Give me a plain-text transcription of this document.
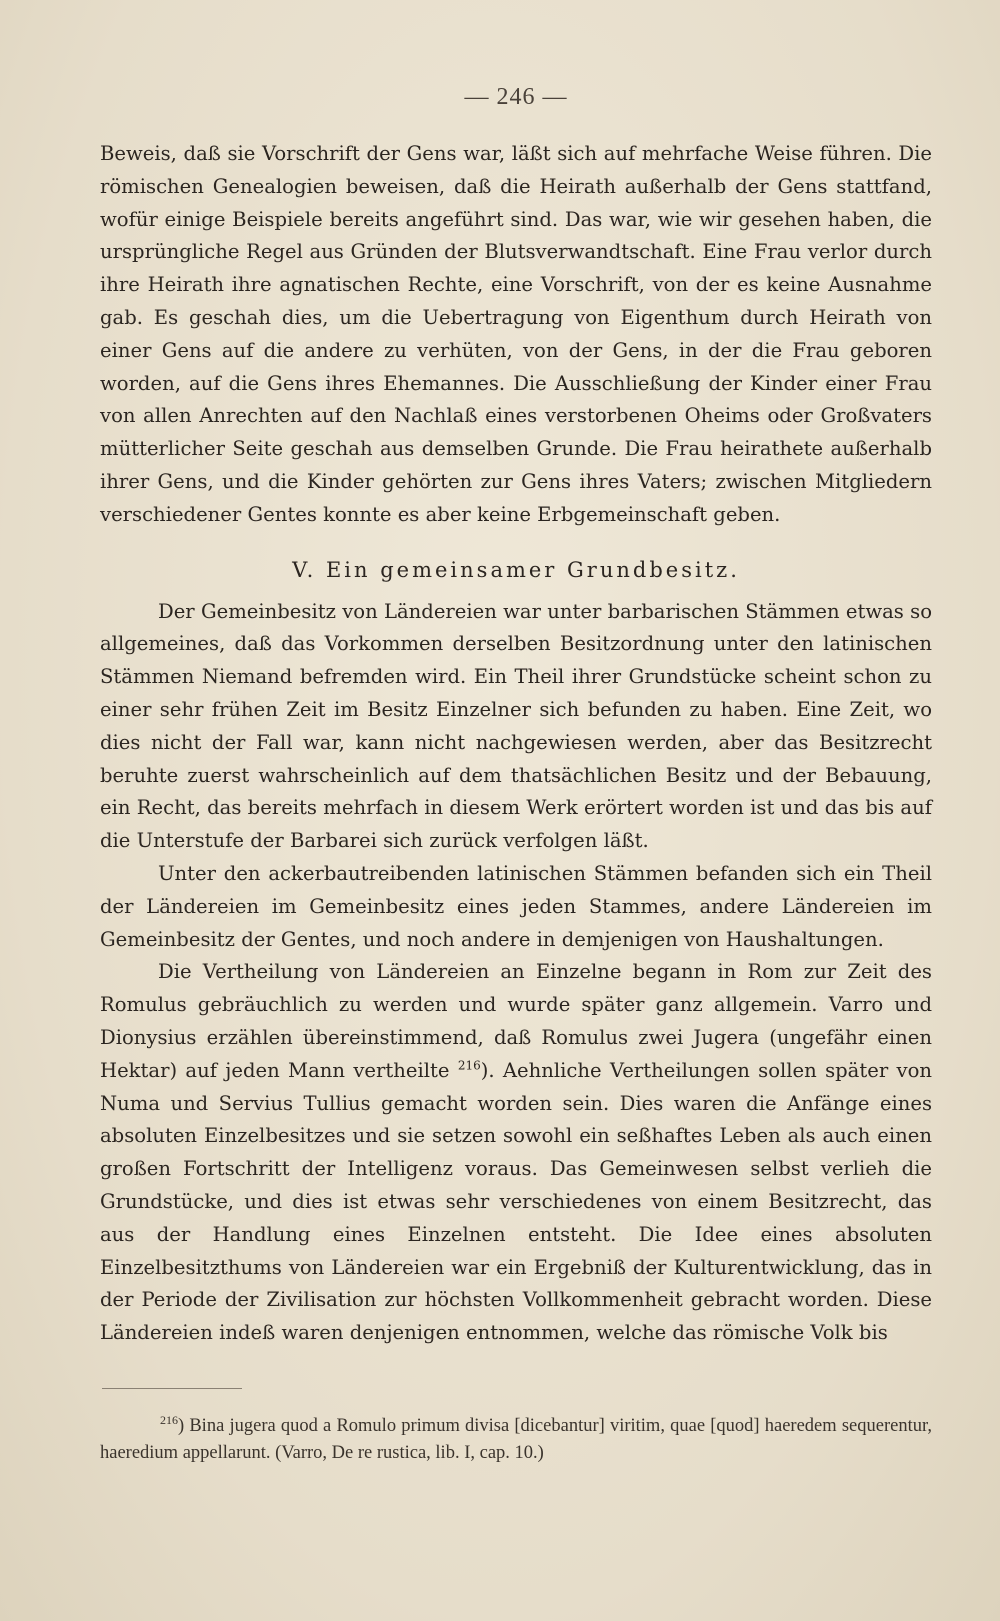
— 246 —

Beweis, daß sie Vorschrift der Gens war, läßt sich auf mehrfache Weise führen. Die römischen Genealogien beweisen, daß die Heirath außerhalb der Gens stattfand, wofür einige Beispiele bereits angeführt sind. Das war, wie wir gesehen haben, die ursprüngliche Regel aus Gründen der Blutsverwandtschaft. Eine Frau verlor durch ihre Heirath ihre agnatischen Rechte, eine Vorschrift, von der es keine Ausnahme gab. Es geschah dies, um die Uebertragung von Eigenthum durch Heirath von einer Gens auf die andere zu verhüten, von der Gens, in der die Frau geboren worden, auf die Gens ihres Ehemannes. Die Ausschließung der Kinder einer Frau von allen Anrechten auf den Nachlaß eines verstorbenen Oheims oder Großvaters mütterlicher Seite geschah aus demselben Grunde. Die Frau heirathete außerhalb ihrer Gens, und die Kinder gehörten zur Gens ihres Vaters; zwischen Mitgliedern verschiedener Gentes konnte es aber keine Erbgemeinschaft geben.

V. Ein gemeinsamer Grundbesitz.

Der Gemeinbesitz von Ländereien war unter barbarischen Stämmen etwas so allgemeines, daß das Vorkommen derselben Besitzordnung unter den latinischen Stämmen Niemand befremden wird. Ein Theil ihrer Grundstücke scheint schon zu einer sehr frühen Zeit im Besitz Einzelner sich befunden zu haben. Eine Zeit, wo dies nicht der Fall war, kann nicht nachgewiesen werden, aber das Besitzrecht beruhte zuerst wahrscheinlich auf dem thatsächlichen Besitz und der Bebauung, ein Recht, das bereits mehrfach in diesem Werk erörtert worden ist und das bis auf die Unterstufe der Barbarei sich zurück verfolgen läßt.

Unter den ackerbautreibenden latinischen Stämmen befanden sich ein Theil der Ländereien im Gemeinbesitz eines jeden Stammes, andere Ländereien im Gemeinbesitz der Gentes, und noch andere in demjenigen von Haushaltungen.

Die Vertheilung von Ländereien an Einzelne begann in Rom zur Zeit des Romulus gebräuchlich zu werden und wurde später ganz allgemein. Varro und Dionysius erzählen übereinstimmend, daß Romulus zwei Jugera (ungefähr einen Hektar) auf jeden Mann vertheilte $^{216}$). Aehnliche Vertheilungen sollen später von Numa und Servius Tullius gemacht worden sein. Dies waren die Anfänge eines absoluten Einzelbesitzes und sie setzen sowohl ein seßhaftes Leben als auch einen großen Fortschritt der Intelligenz voraus. Das Gemeinwesen selbst verlieh die Grundstücke, und dies ist etwas sehr verschiedenes von einem Besitzrecht, das aus der Handlung eines Einzelnen entsteht. Die Idee eines absoluten Einzelbesitzthums von Ländereien war ein Ergebniß der Kulturentwicklung, das in der Periode der Zivilisation zur höchsten Vollkommenheit gebracht worden. Diese Ländereien indeß waren denjenigen entnommen, welche das römische Volk bis

$^{216}$) Bina jugera quod a Romulo primum divisa [dicebantur] viritim, quae [quod] haeredem sequerentur, haeredium appellarunt. (Varro, De re rustica, lib. I, cap. 10.)
